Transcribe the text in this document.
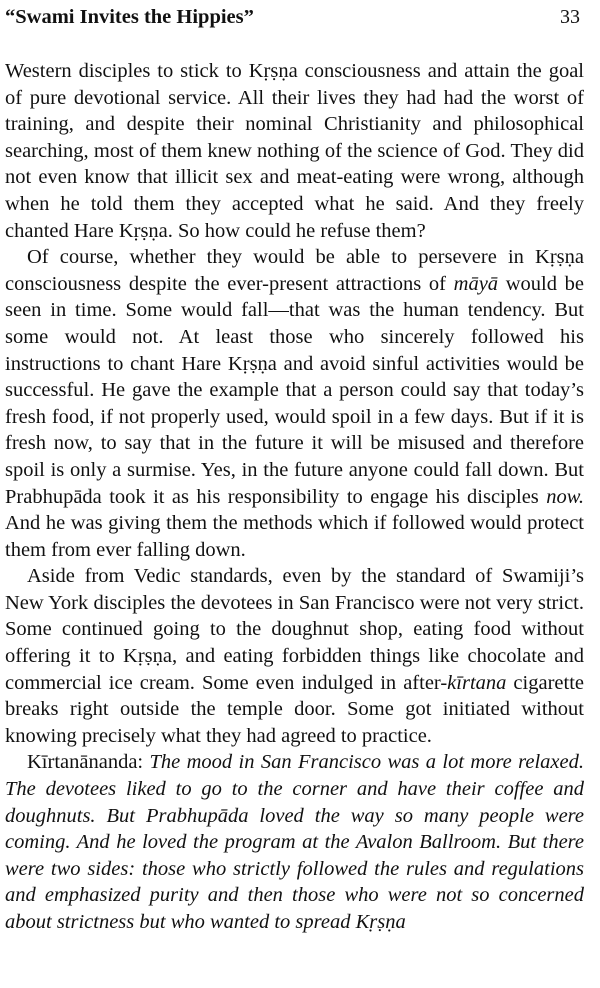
“Swami Invites the Hippies”	33

Western disciples to stick to Kṛṣṇa consciousness and attain the goal of pure devotional service. All their lives they had had the worst of training, and despite their nominal Christianity and philosophical searching, most of them knew nothing of the science of God. They did not even know that illicit sex and meat-eating were wrong, although when he told them they accepted what he said. And they freely chanted Hare Kṛṣṇa. So how could he refuse them?

Of course, whether they would be able to persevere in Kṛṣṇa consciousness despite the ever-present attractions of māyā would be seen in time. Some would fall—that was the human tendency. But some would not. At least those who sincerely followed his instructions to chant Hare Kṛṣṇa and avoid sinful activities would be successful. He gave the example that a person could say that today’s fresh food, if not properly used, would spoil in a few days. But if it is fresh now, to say that in the future it will be misused and therefore spoil is only a surmise. Yes, in the future anyone could fall down. But Prabhupāda took it as his responsibility to engage his disciples now. And he was giving them the methods which if followed would protect them from ever falling down.

Aside from Vedic standards, even by the standard of Swamiji’s New York disciples the devotees in San Francisco were not very strict. Some continued going to the doughnut shop, eating food without offering it to Kṛṣṇa, and eating forbidden things like chocolate and commercial ice cream. Some even indulged in after-kīrtana cigarette breaks right outside the temple door. Some got initiated without knowing precisely what they had agreed to practice.

Kīrtanānanda: The mood in San Francisco was a lot more relaxed. The devotees liked to go to the corner and have their coffee and doughnuts. But Prabhupāda loved the way so many people were coming. And he loved the program at the Avalon Ballroom. But there were two sides: those who strictly followed the rules and regulations and emphasized purity and then those who were not so concerned about strictness but who wanted to spread Kṛṣṇa
